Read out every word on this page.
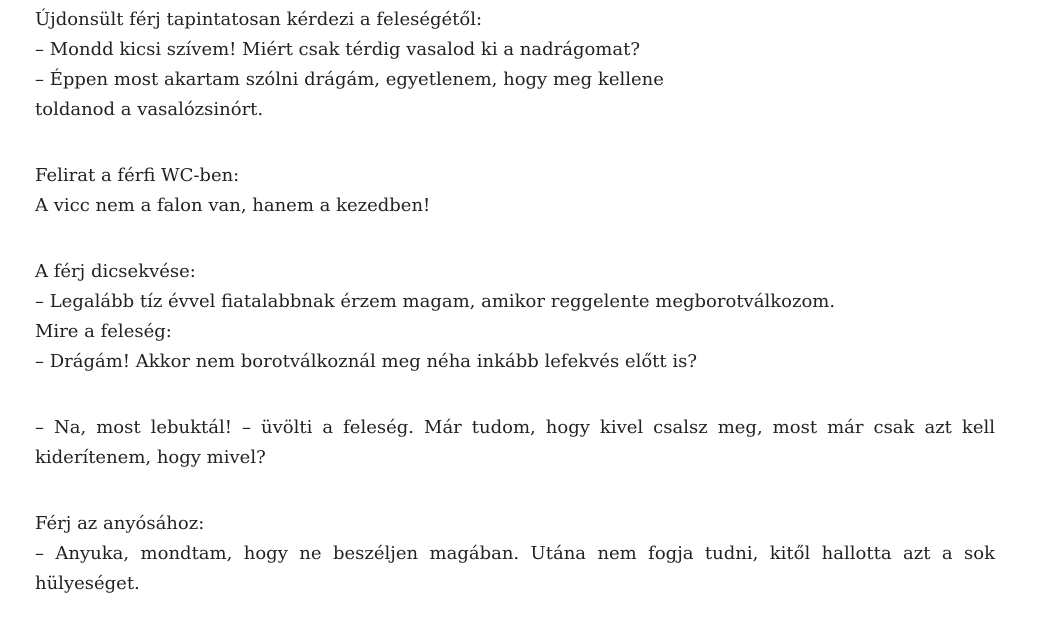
Újdonsült férj tapintatosan kérdezi a feleségétől:
– Mondd kicsi szívem! Miért csak térdig vasalod ki a nadrágomat?
– Éppen most akartam szólni drágám, egyetlenem, hogy meg kellene
toldanod a vasalózsinórt.
Felirat a férfi WC-ben:
A vicc nem a falon van, hanem a kezedben!
A férj dicsekvése:
– Legalább tíz évvel fiatalabbnak érzem magam, amikor reggelente megborotválkozom.
Mire a feleség:
– Drágám! Akkor nem borotválkoznál meg néha inkább lefekvés előtt is?
– Na, most lebuktál! – üvölti a feleség. Már tudom, hogy kivel csalsz meg, most már csak azt kell kiderítenem, hogy mivel?
Férj az anyósához:
– Anyuka, mondtam, hogy ne beszéljen magában. Utána nem fogja tudni, kitől hallotta azt a sok hülyeséget.
